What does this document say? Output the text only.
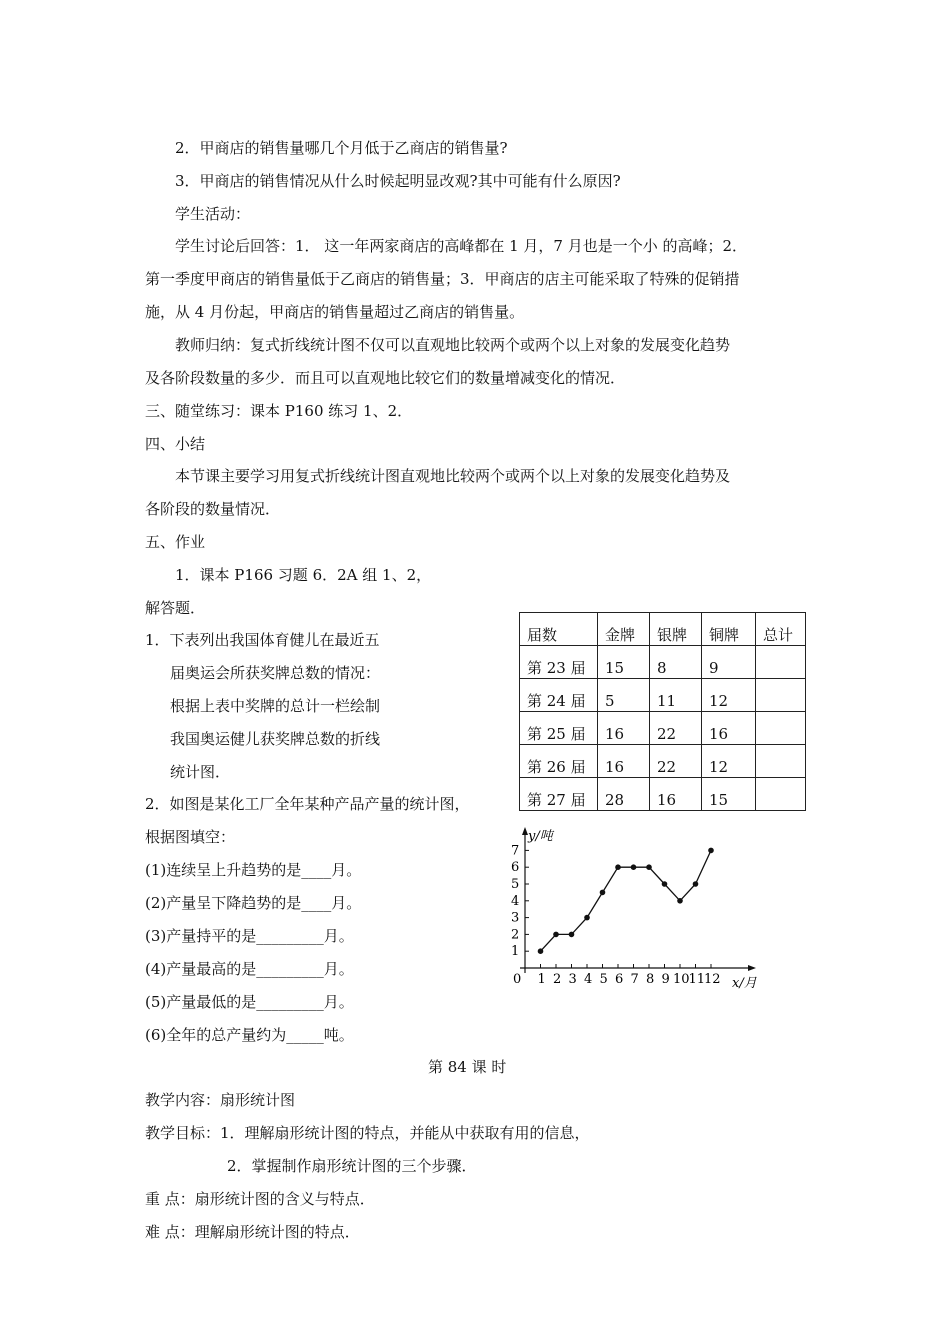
2．甲商店的销售量哪几个月低于乙商店的销售量?
3．甲商店的销售情况从什么时候起明显改观?其中可能有什么原因?
学生活动：
学生讨论后回答：1． 这一年两家商店的高峰都在 1 月，7 月也是一个小 的高峰；2．
第一季度甲商店的销售量低于乙商店的销售量；3．甲商店的店主可能采取了特殊的促销措
施，从 4 月份起，甲商店的销售量超过乙商店的销售量。
教师归纳：复式折线统计图不仅可以直观地比较两个或两个以上对象的发展变化趋势
及各阶段数量的多少．而且可以直观地比较它们的数量增减变化的情况．
三、随堂练习：课本 P160 练习 1、2．
四、小结
本节课主要学习用复式折线统计图直观地比较两个或两个以上对象的发展变化趋势及
各阶段的数量情况．
五、作业
1．课本 P166 习题 6．2A 组 1、2，
解答题．
1．下表列出我国体育健儿在最近五
届奥运会所获奖牌总数的情况：
根据上表中奖牌的总计一栏绘制
我国奥运健儿获奖牌总数的折线
统计图．
2．如图是某化工厂全年某种产品产量的统计图，
根据图填空：
(1)连续呈上升趋势的是____月。
(2)产量呈下降趋势的是____月。
(3)产量持平的是_________月。
(4)产量最高的是_________月。
(5)产量最低的是_________月。
(6)全年的总产量约为_____吨。
第 84 课 时
教学内容：扇形统计图
教学目标：1．理解扇形统计图的特点，并能从中获取有用的信息，
2．掌握制作扇形统计图的三个步骤．
重 点：扇形统计图的含义与特点．
难 点：理解扇形统计图的特点．
届数	金牌	银牌	铜牌	总计
第 23 届	15	8	9	
第 24 届	5	11	12	
第 25 届	16	22	16	
第 26 届	16	22	12	
第 27 届	28	16	15	
y/吨
x/月
0
1
2
3
4
5
6
7
1 2 3 4 5 6 7 8 9 10
11
12
